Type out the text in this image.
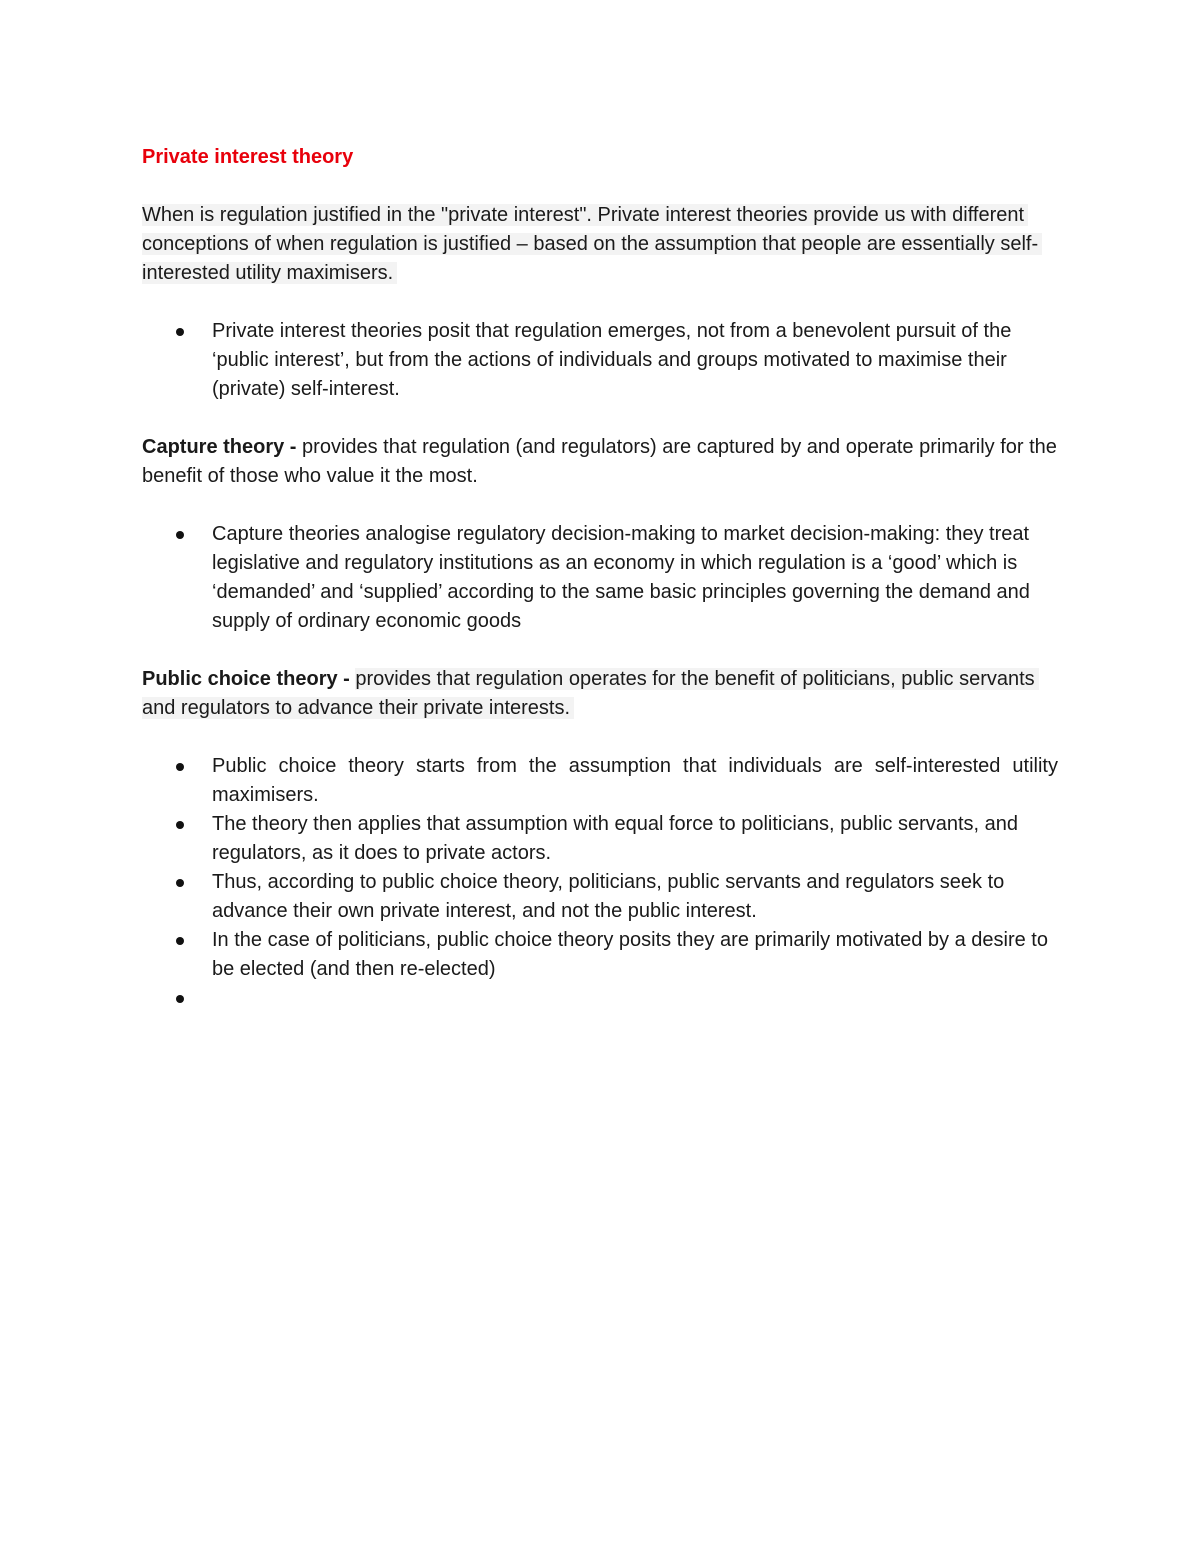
Private interest theory

When is regulation justified in the "private interest". Private interest theories provide us with different conceptions of when regulation is justified – based on the assumption that people are essentially self-interested utility maximisers.

Private interest theories posit that regulation emerges, not from a benevolent pursuit of the ‘public interest’, but from the actions of individuals and groups motivated to maximise their (private) self-interest.

Capture theory - provides that regulation (and regulators) are captured by and operate primarily for the benefit of those who value it the most.

Capture theories analogise regulatory decision-making to market decision-making: they treat legislative and regulatory institutions as an economy in which regulation is a ‘good’ which is ‘demanded’ and ‘supplied’ according to the same basic principles governing the demand and supply of ordinary economic goods

Public choice theory - provides that regulation operates for the benefit of politicians, public servants and regulators to advance their private interests.

Public choice theory starts from the assumption that individuals are self-interested utility maximisers.
The theory then applies that assumption with equal force to politicians, public servants, and regulators, as it does to private actors.
Thus, according to public choice theory, politicians, public servants and regulators seek to advance their own private interest, and not the public interest.
In the case of politicians, public choice theory posits they are primarily motivated by a desire to be elected (and then re-elected)
